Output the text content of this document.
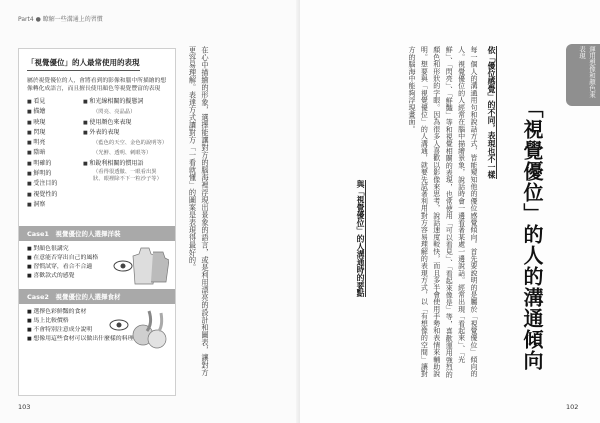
Part4 ● 瞭解一些溝通上的習慣
「視覺優位」的人最常使用的表現
屬於視覺優位的人，會將看到的影像和腦中所描繪的想像轉化成語言，而且擅長使用顏色等視覺豐富的表現
■ 看見
■ 描繪
■ 映現
■ 閃現
■ 明亮
■ 陰暗
■ 明確的
■ 鮮明的
■ 受注目的
■ 視覺性的
■ 洞察
■ 和光線相關的擬態詞
（閃亮、亮晶晶）
■ 使用顏色來表現
■ 外表的表現
（藍色的天空、金色的說明等）
（光鮮、透明、刺眼等）
■ 和銳利相關的慣用語
（看得很透徹、一眼看出異狀、眼裡除不下一粒沙子等）
Case1　視覺優位的人選擇洋裝
■ 對顏色很講究
■ 在意能否穿出自己的風格
■ 習慣試穿，看合不合適
■ 喜歡款式的感覺
Case2　視覺優位的人選擇食材
■ 選擇色彩鮮豔的食材
■ 馬上比較價格
■ 不會特別注意成分說明
■ 想像用這些食材可以做出什麼樣的料理	在心中描繪的形象，選擇能讓對方的腦海裡浮現出景象的語言，或是利用漂亮的設計和圖表，讓對方更容易理解。表達方式讓對方「一看就懂」的圖案是表現得最好的。
103	102
運用想像和顏色來表現
「視覺優位」的人的溝通傾向
依「優位感覺」的不同，表現也不一樣
與「視覺優位」的人溝通時的要點	每一個人的溝通用句和說話方式，皆能窺知他的優位感覺傾向。首先要說明的是屬於「視覺優位」傾向的人。視覺優位的人經常在腦中描繪景象，說話時會一邊看著某處一邊說話。經常出現「看起來」、「光鮮」、「閃亮」、「鮮豔」等和視覺相關的表現，也常使用「可以看見」、「看起來像是」等，喜歡運用強烈的顏色和形狀的字眼。因為很多人喜歡以影像來思考，說話速度較快，而且多半會使用手勢和表情來輔助說明。想要與「視覺優位」的人溝通，就要先試著利用對方容易理解的表現方式，以「有想像的空間」讓對方的腦海中能夠浮現畫面。
